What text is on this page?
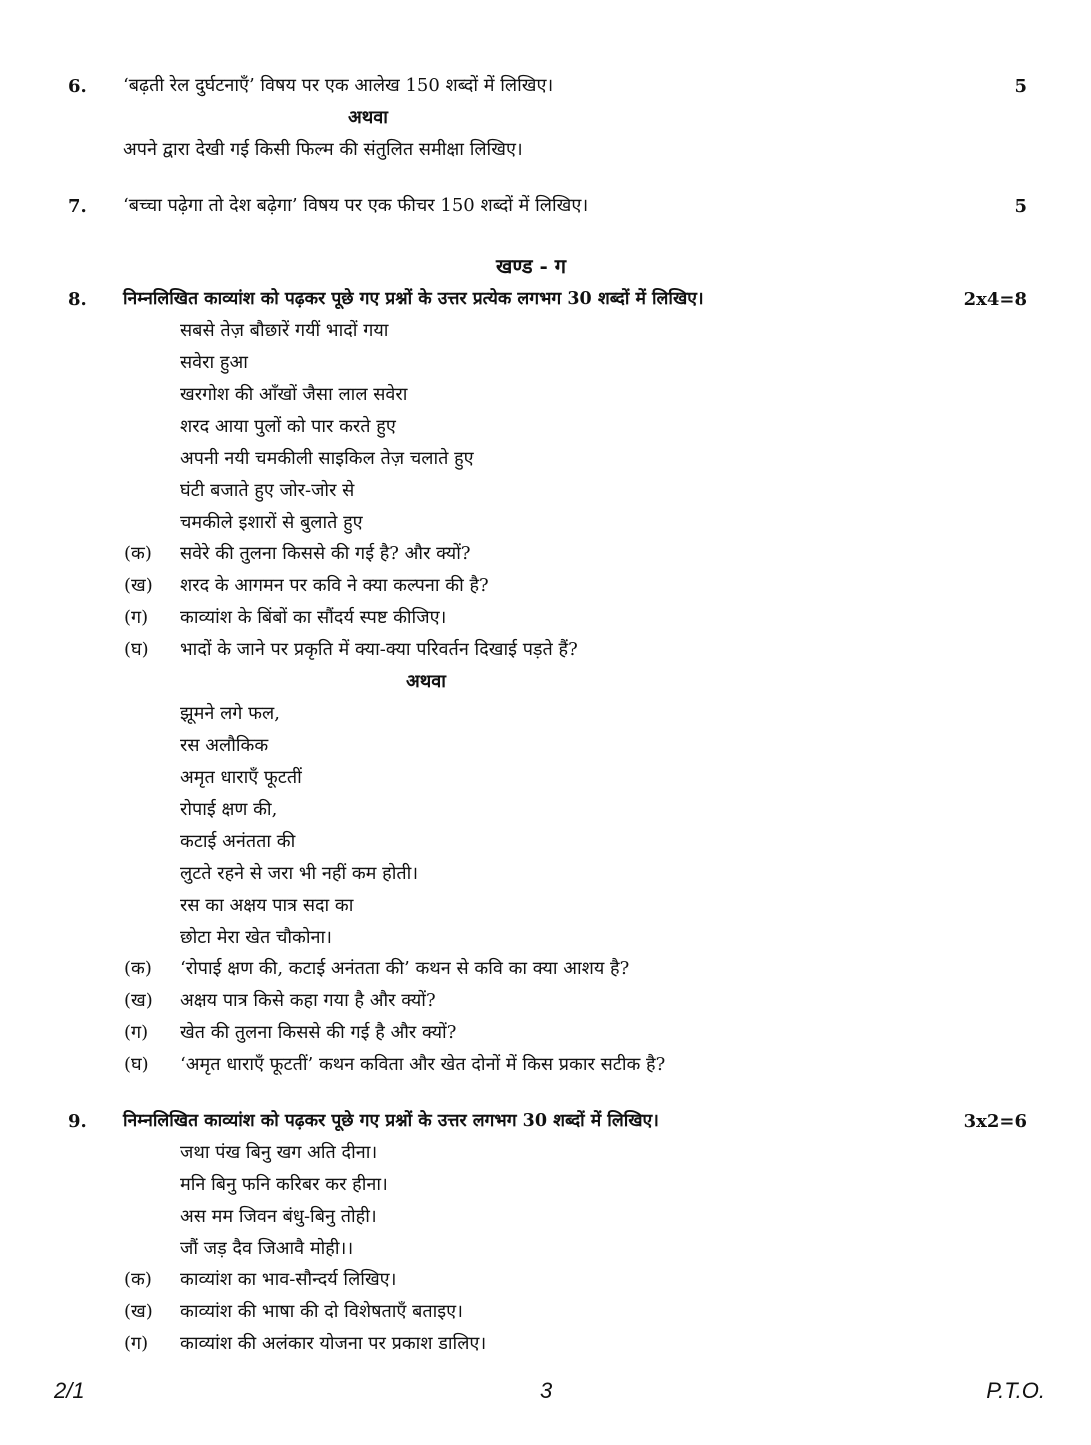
6. ‘बढ़ती रेल दुर्घटनाएँ’ विषय पर एक आलेख 150 शब्दों में लिखिए।	5
अथवा
अपने द्वारा देखी गई किसी फिल्म की संतुलित समीक्षा लिखिए।
7. ‘बच्चा पढ़ेगा तो देश बढ़ेगा’ विषय पर एक फीचर 150 शब्दों में लिखिए।	5
खण्ड - ग
8. निम्नलिखित काव्यांश को पढ़कर पूछे गए प्रश्नों के उत्तर प्रत्येक लगभग 30 शब्दों में लिखिए।	2x4=8
सबसे तेज़ बौछारें गयीं भादों गया
सवेरा हुआ
खरगोश की आँखों जैसा लाल सवेरा
शरद आया पुलों को पार करते हुए
अपनी नयी चमकीली साइकिल तेज़ चलाते हुए
घंटी बजाते हुए जोर-जोर से
चमकीले इशारों से बुलाते हुए
(क)	सवेरे की तुलना किससे की गई है? और क्यों?
(ख)	शरद के आगमन पर कवि ने क्या कल्पना की है?
(ग)	काव्यांश के बिंबों का सौंदर्य स्पष्ट कीजिए।
(घ)	भादों के जाने पर प्रकृति में क्या-क्या परिवर्तन दिखाई पड़ते हैं?
अथवा
झूमने लगे फल,
रस अलौकिक
अमृत धाराएँ फूटतीं
रोपाई क्षण की,
कटाई अनंतता की
लुटते रहने से जरा भी नहीं कम होती।
रस का अक्षय पात्र सदा का
छोटा मेरा खेत चौकोना।
(क)	‘रोपाई क्षण की, कटाई अनंतता की’ कथन से कवि का क्या आशय है?
(ख)	अक्षय पात्र किसे कहा गया है और क्यों?
(ग)	खेत की तुलना किससे की गई है और क्यों?
(घ)	‘अमृत धाराएँ फूटतीं’ कथन कविता और खेत दोनों में किस प्रकार सटीक है?
9. निम्नलिखित काव्यांश को पढ़कर पूछे गए प्रश्नों के उत्तर लगभग 30 शब्दों में लिखिए।	3x2=6
जथा पंख बिनु खग अति दीना।
मनि बिनु फनि करिबर कर हीना।
अस मम जिवन बंधु-बिनु तोही।
जौं जड़ दैव जिआवै मोही।।
(क)	काव्यांश का भाव-सौन्दर्य लिखिए।
(ख)	काव्यांश की भाषा की दो विशेषताएँ बताइए।
(ग)	काव्यांश की अलंकार योजना पर प्रकाश डालिए।
2/1	3	P.T.O.
